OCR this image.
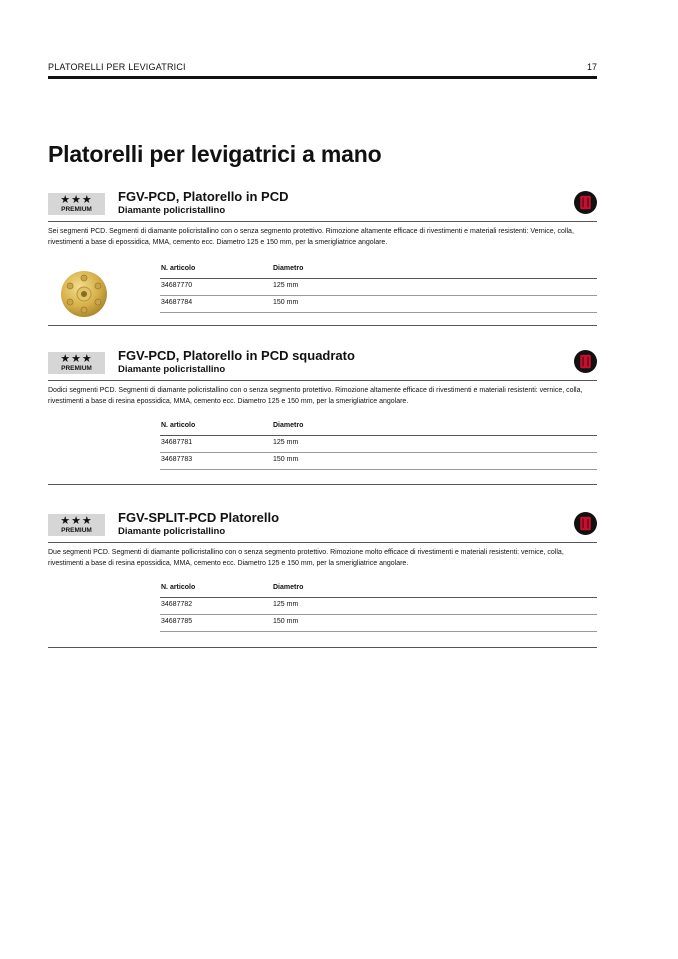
PLATORELLI PER LEVIGATRICI	17
Platorelli per levigatrici a mano
★★★
PREMIUM
FGV-PCD, Platorello in PCD
Diamante policristallino
Sei segmenti PCD. Segmenti di diamante policristallino con o senza segmento protettivo. Rimozione altamente efficace di rivestimenti e materiali resistenti: Vernice, colla, rivestimenti a base di epossidica, MMA, cemento ecc. Diametro 125 e 150 mm, per la smerigliatrice angolare.
N. articolo	Diametro
34687770	125 mm
34687784	150 mm
★★★
PREMIUM
FGV-PCD, Platorello in PCD squadrato
Diamante policristallino
Dodici segmenti PCD. Segmenti di diamante policristallino con o senza segmento protettivo. Rimozione altamente efficace di rivestimenti e materiali resistenti: vernice, colla, rivestimenti a base di resina epossidica, MMA, cemento ecc. Diametro 125 e 150 mm, per la smerigliatrice angolare.
N. articolo	Diametro
34687781	125 mm
34687783	150 mm
★★★
PREMIUM
FGV-SPLIT-PCD Platorello
Diamante policristallino
Due segmenti PCD. Segmenti di diamante pollicristallino con o senza segmento protettivo. Rimozione molto efficace di rivestimenti e materiali resistenti: vernice, colla, rivestimenti a base di resina epossidica, MMA, cemento ecc. Diametro 125 e 150 mm, per la smerigliatrice angolare.
N. articolo	Diametro
34687782	125 mm
34687785	150 mm
